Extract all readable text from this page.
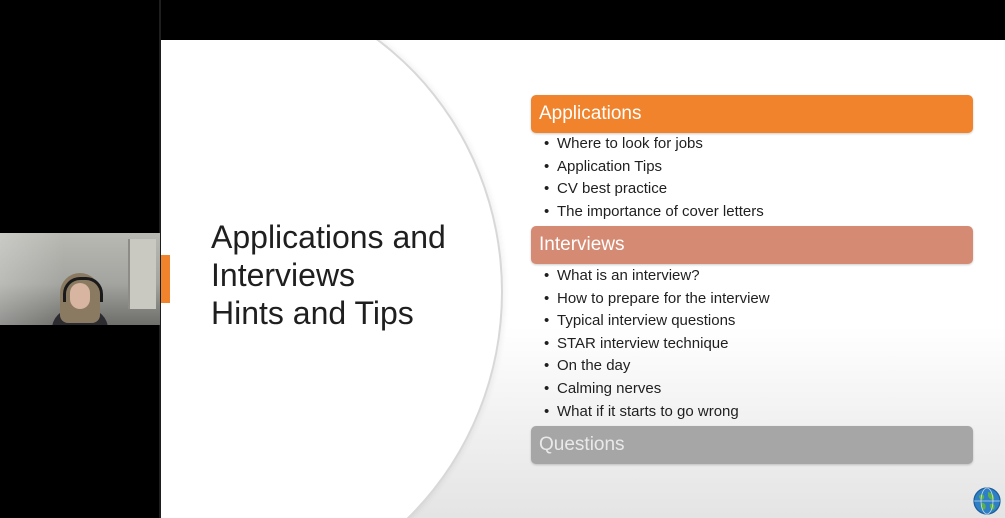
Applications and
Interviews
Hints and Tips
Applications
• Where to look for jobs
• Application Tips
• CV best practice
• The importance of cover letters
Interviews
• What is an interview?
• How to prepare for the interview
• Typical interview questions
• STAR interview technique
• On the day
• Calming nerves
• What if it starts to go wrong
Questions
